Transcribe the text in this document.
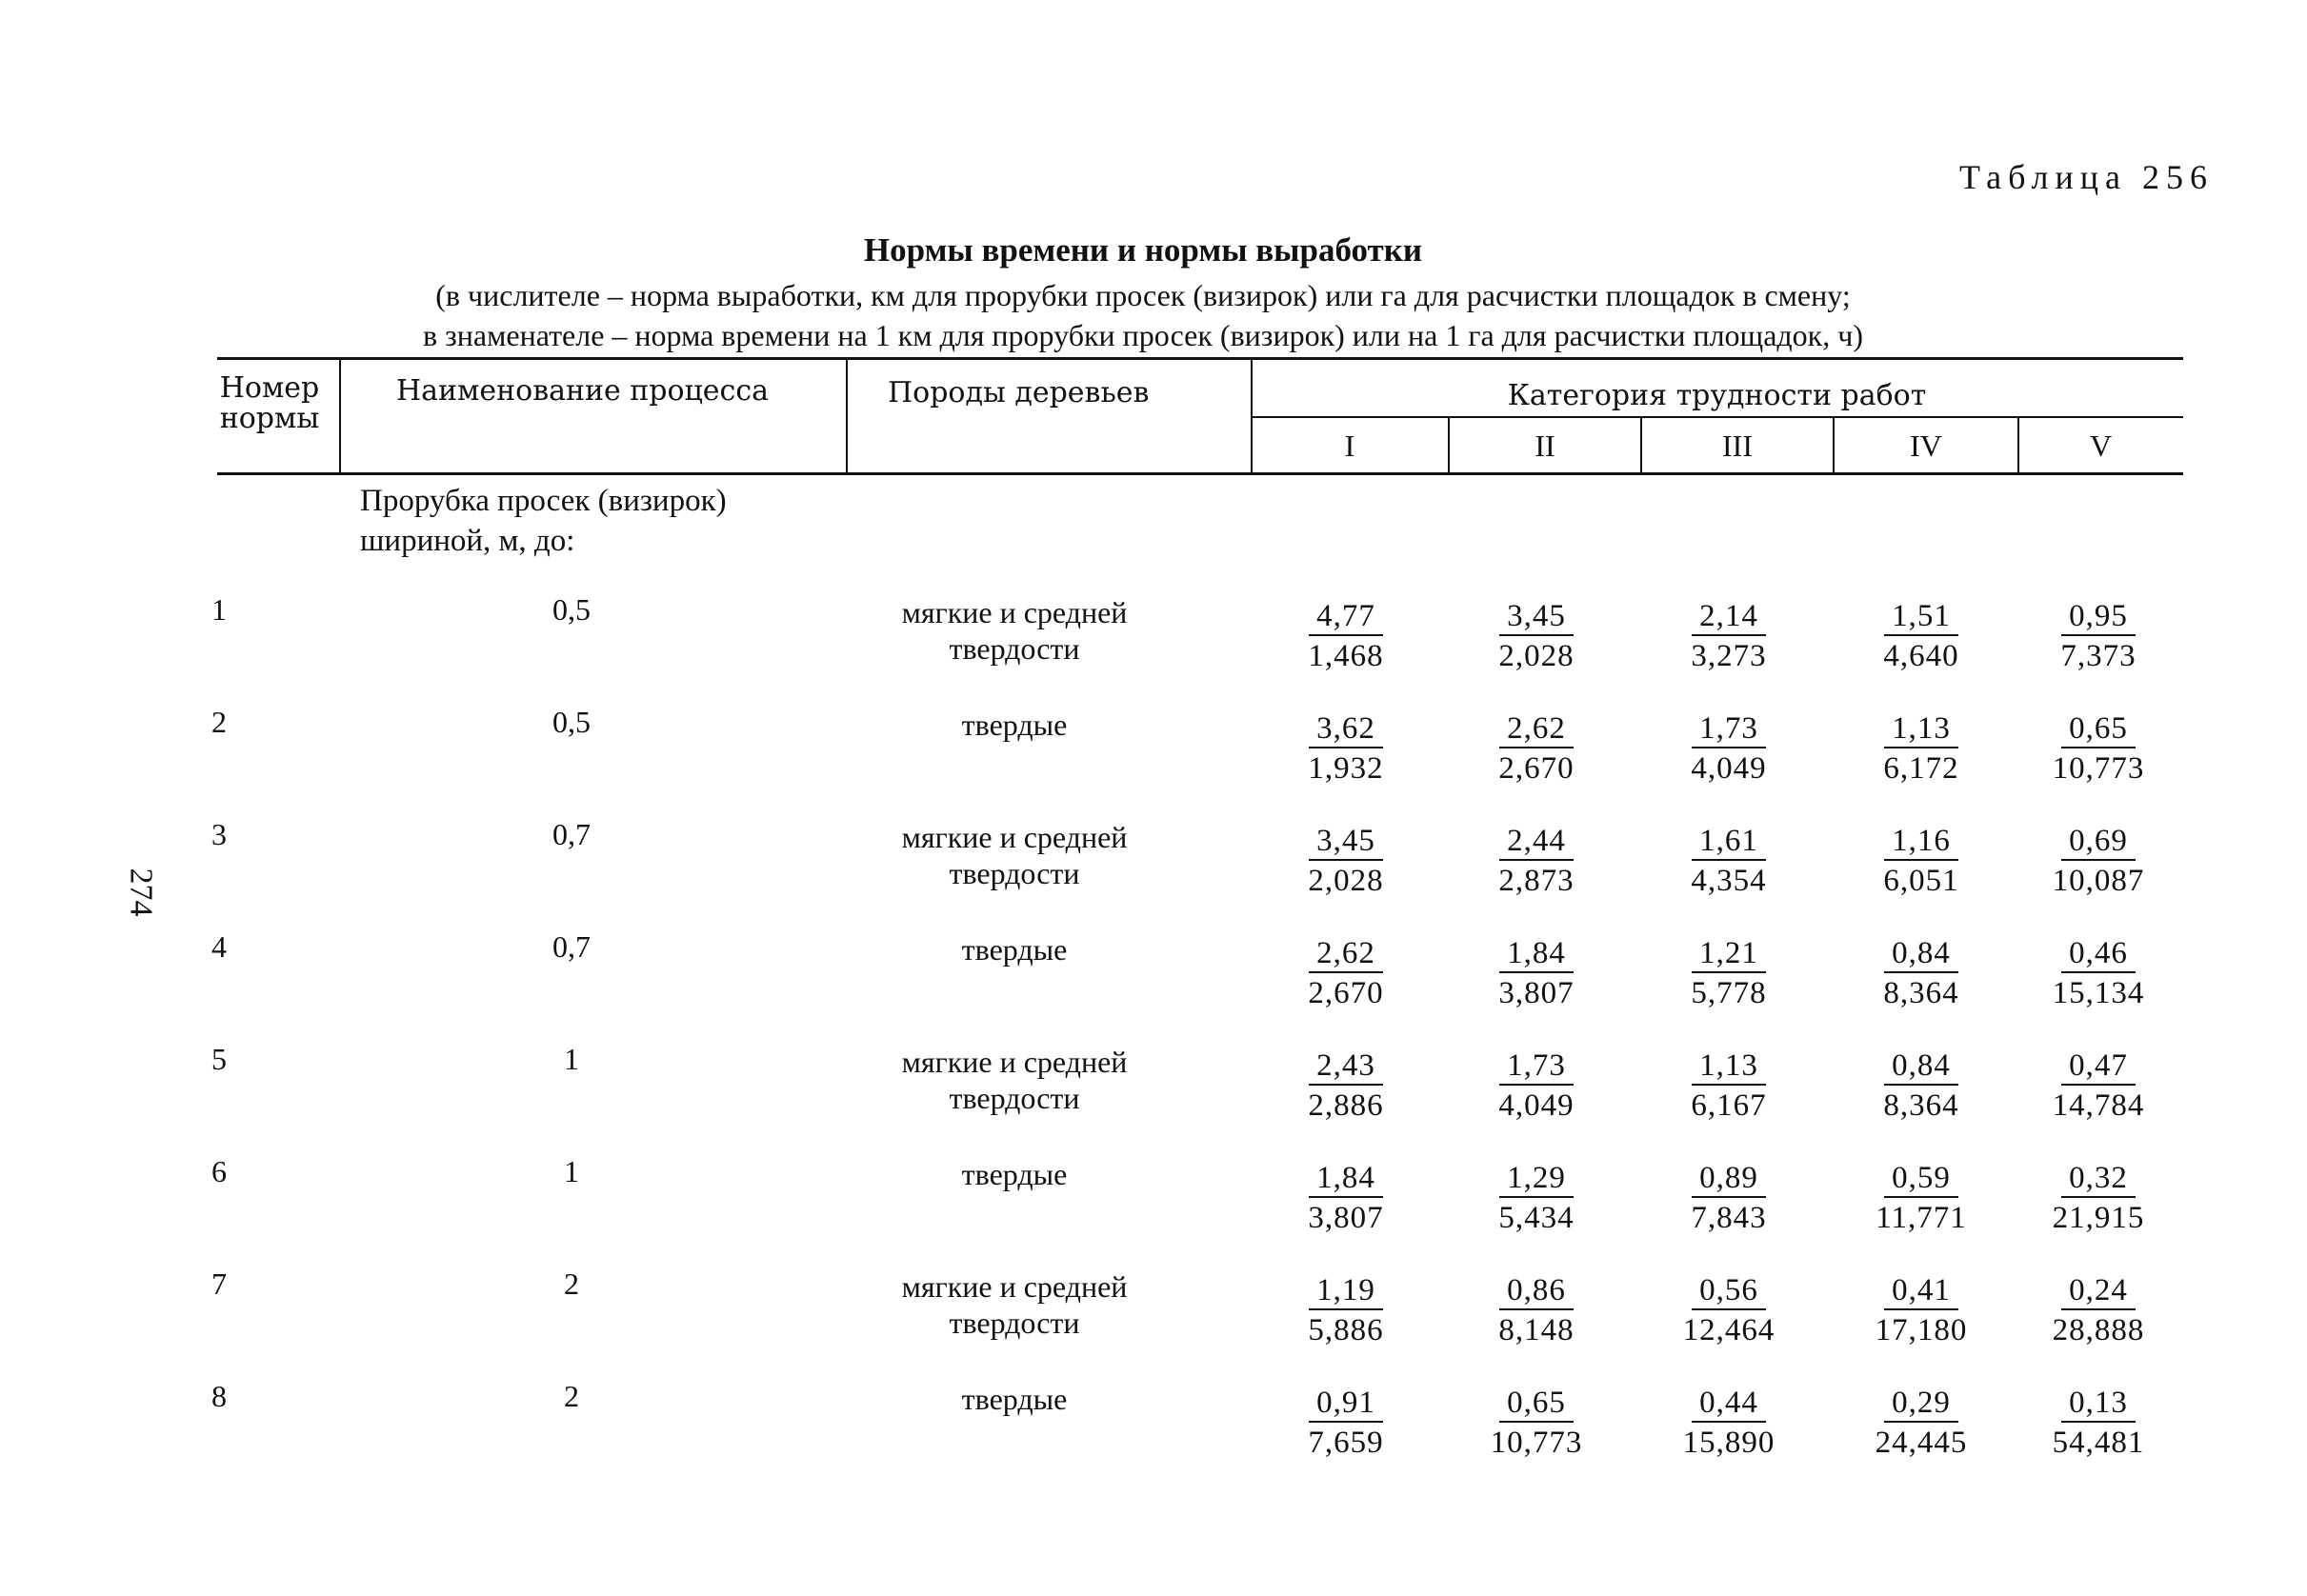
274
Таблица 256
Нормы времени и нормы выработки
(в числителе – норма выработки, км для прорубки просек (визирок) или га для расчистки площадок в смену;
в знаменателе – норма времени на 1 км для прорубки просек (визирок) или на 1 га для расчистки площадок, ч)
Номер
нормы
Наименование процесса	Породы деревьев	Категория трудности работ
I	II	III	IV	V
Прорубка просек (визирок)
шириной, м, до:
1	0,5	мягкие и средней
твердости	$\frac{4,77}{1,468} \frac{3,45}{2,028} \frac{2,14}{3,273} \frac{1,51}{4,640} \frac{0,95}{7,373}$
2	0,5	твердые	$\frac{3,62}{1,932} \frac{2,62}{2,670} \frac{1,73}{4,049} \frac{1,13}{6,172} \frac{0,65}{10,773}$
3	0,7	мягкие и средней
твердости	$\frac{3,45}{2,028} \frac{2,44}{2,873} \frac{1,61}{4,354} \frac{1,16}{6,051} \frac{0,69}{10,087}$
4	0,7	твердые	$\frac{2,62}{2,670} \frac{1,84}{3,807} \frac{1,21}{5,778} \frac{0,84}{8,364} \frac{0,46}{15,134}$
5	1	мягкие и средней
твердости	$\frac{2,43}{2,886} \frac{1,73}{4,049} \frac{1,13}{6,167} \frac{0,84}{8,364} \frac{0,47}{14,784}$
6	1	твердые	$\frac{1,84}{3,807} \frac{1,29}{5,434} \frac{0,89}{7,843} \frac{0,59}{11,771} \frac{0,32}{21,915}$
7	2	мягкие и средней
твердости	$\frac{1,19}{5,886} \frac{0,86}{8,148} \frac{0,56}{12,464} \frac{0,41}{17,180} \frac{0,24}{28,888}$
8	2	твердые	$\frac{0,91}{7,659} \frac{0,65}{10,773} \frac{0,44}{15,890} \frac{0,29}{24,445} \frac{0,13}{54,481}$
